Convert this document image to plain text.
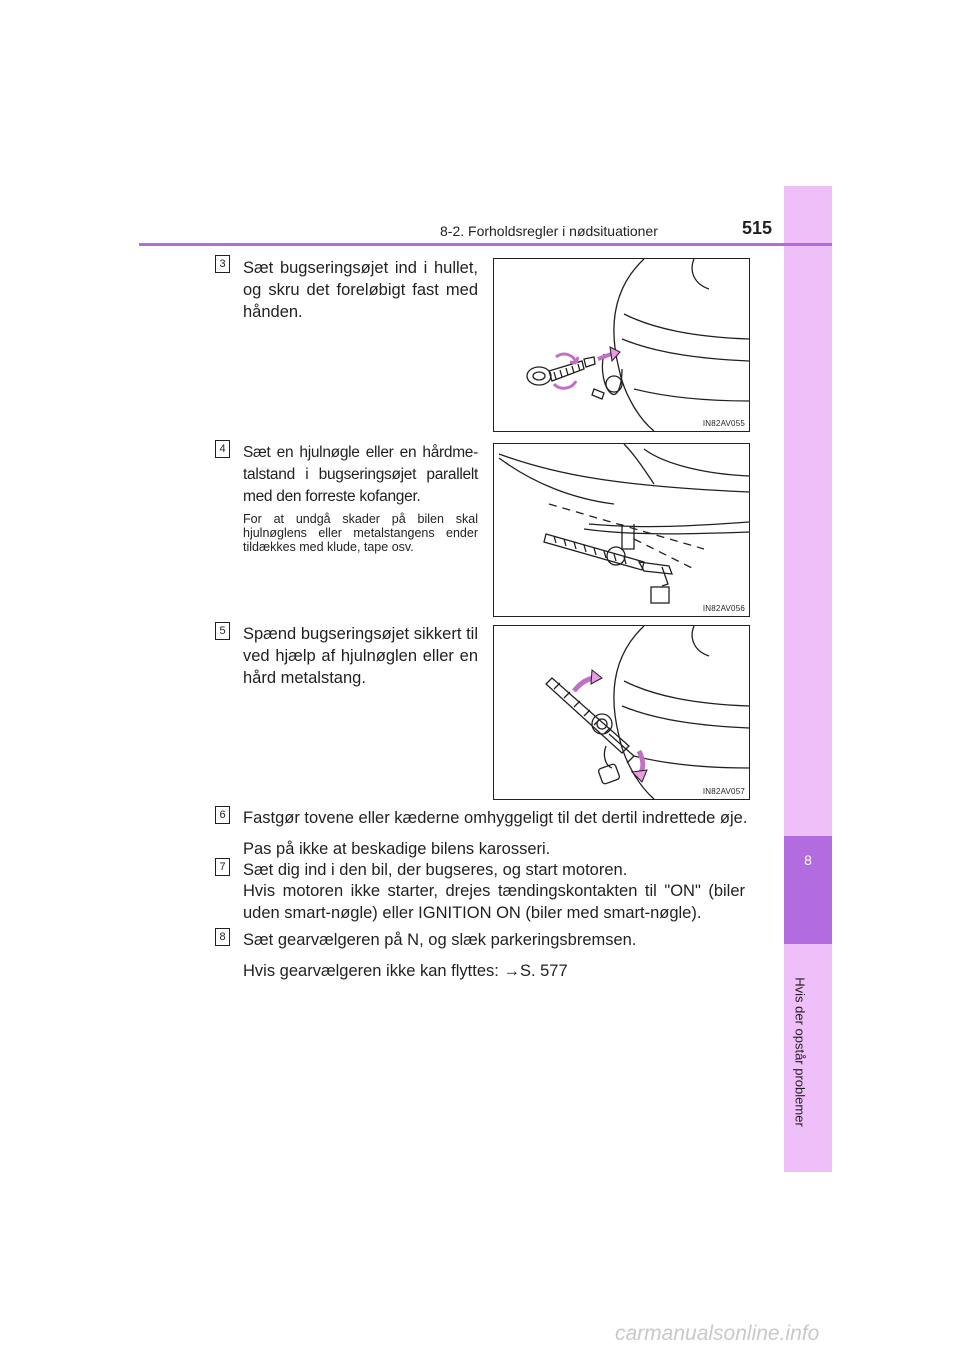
8
Hvis der opstår problemer
8-2. Forholdsregler i nødsituationer	515
3 Sæt bugseringsøjet ind i hullet, og skru det foreløbigt fast med hånden.
IN82AV055
4 Sæt en hjulnøgle eller en hårdme-talstand i bugseringsøjet parallelt med den forreste kofanger.
For at undgå skader på bilen skal hjulnøglens eller metalstangens ender tildækkes med klude, tape osv.
IN82AV056
5 Spænd bugseringsøjet sikkert til ved hjælp af hjulnøglen eller en hård metalstang.
IN82AV057
6 Fastgør tovene eller kæderne omhyggeligt til det dertil indrettede øje.
Pas på ikke at beskadige bilens karosseri.
7 Sæt dig ind i den bil, der bugseres, og start motoren.
Hvis motoren ikke starter, drejes tændingskontakten til "ON" (biler uden smart-nøgle) eller IGNITION ON (biler med smart-nøgle).
8 Sæt gearvælgeren på N, og slæk parkeringsbremsen.
Hvis gearvælgeren ikke kan flyttes: →S. 577
carmanualsonline.info
